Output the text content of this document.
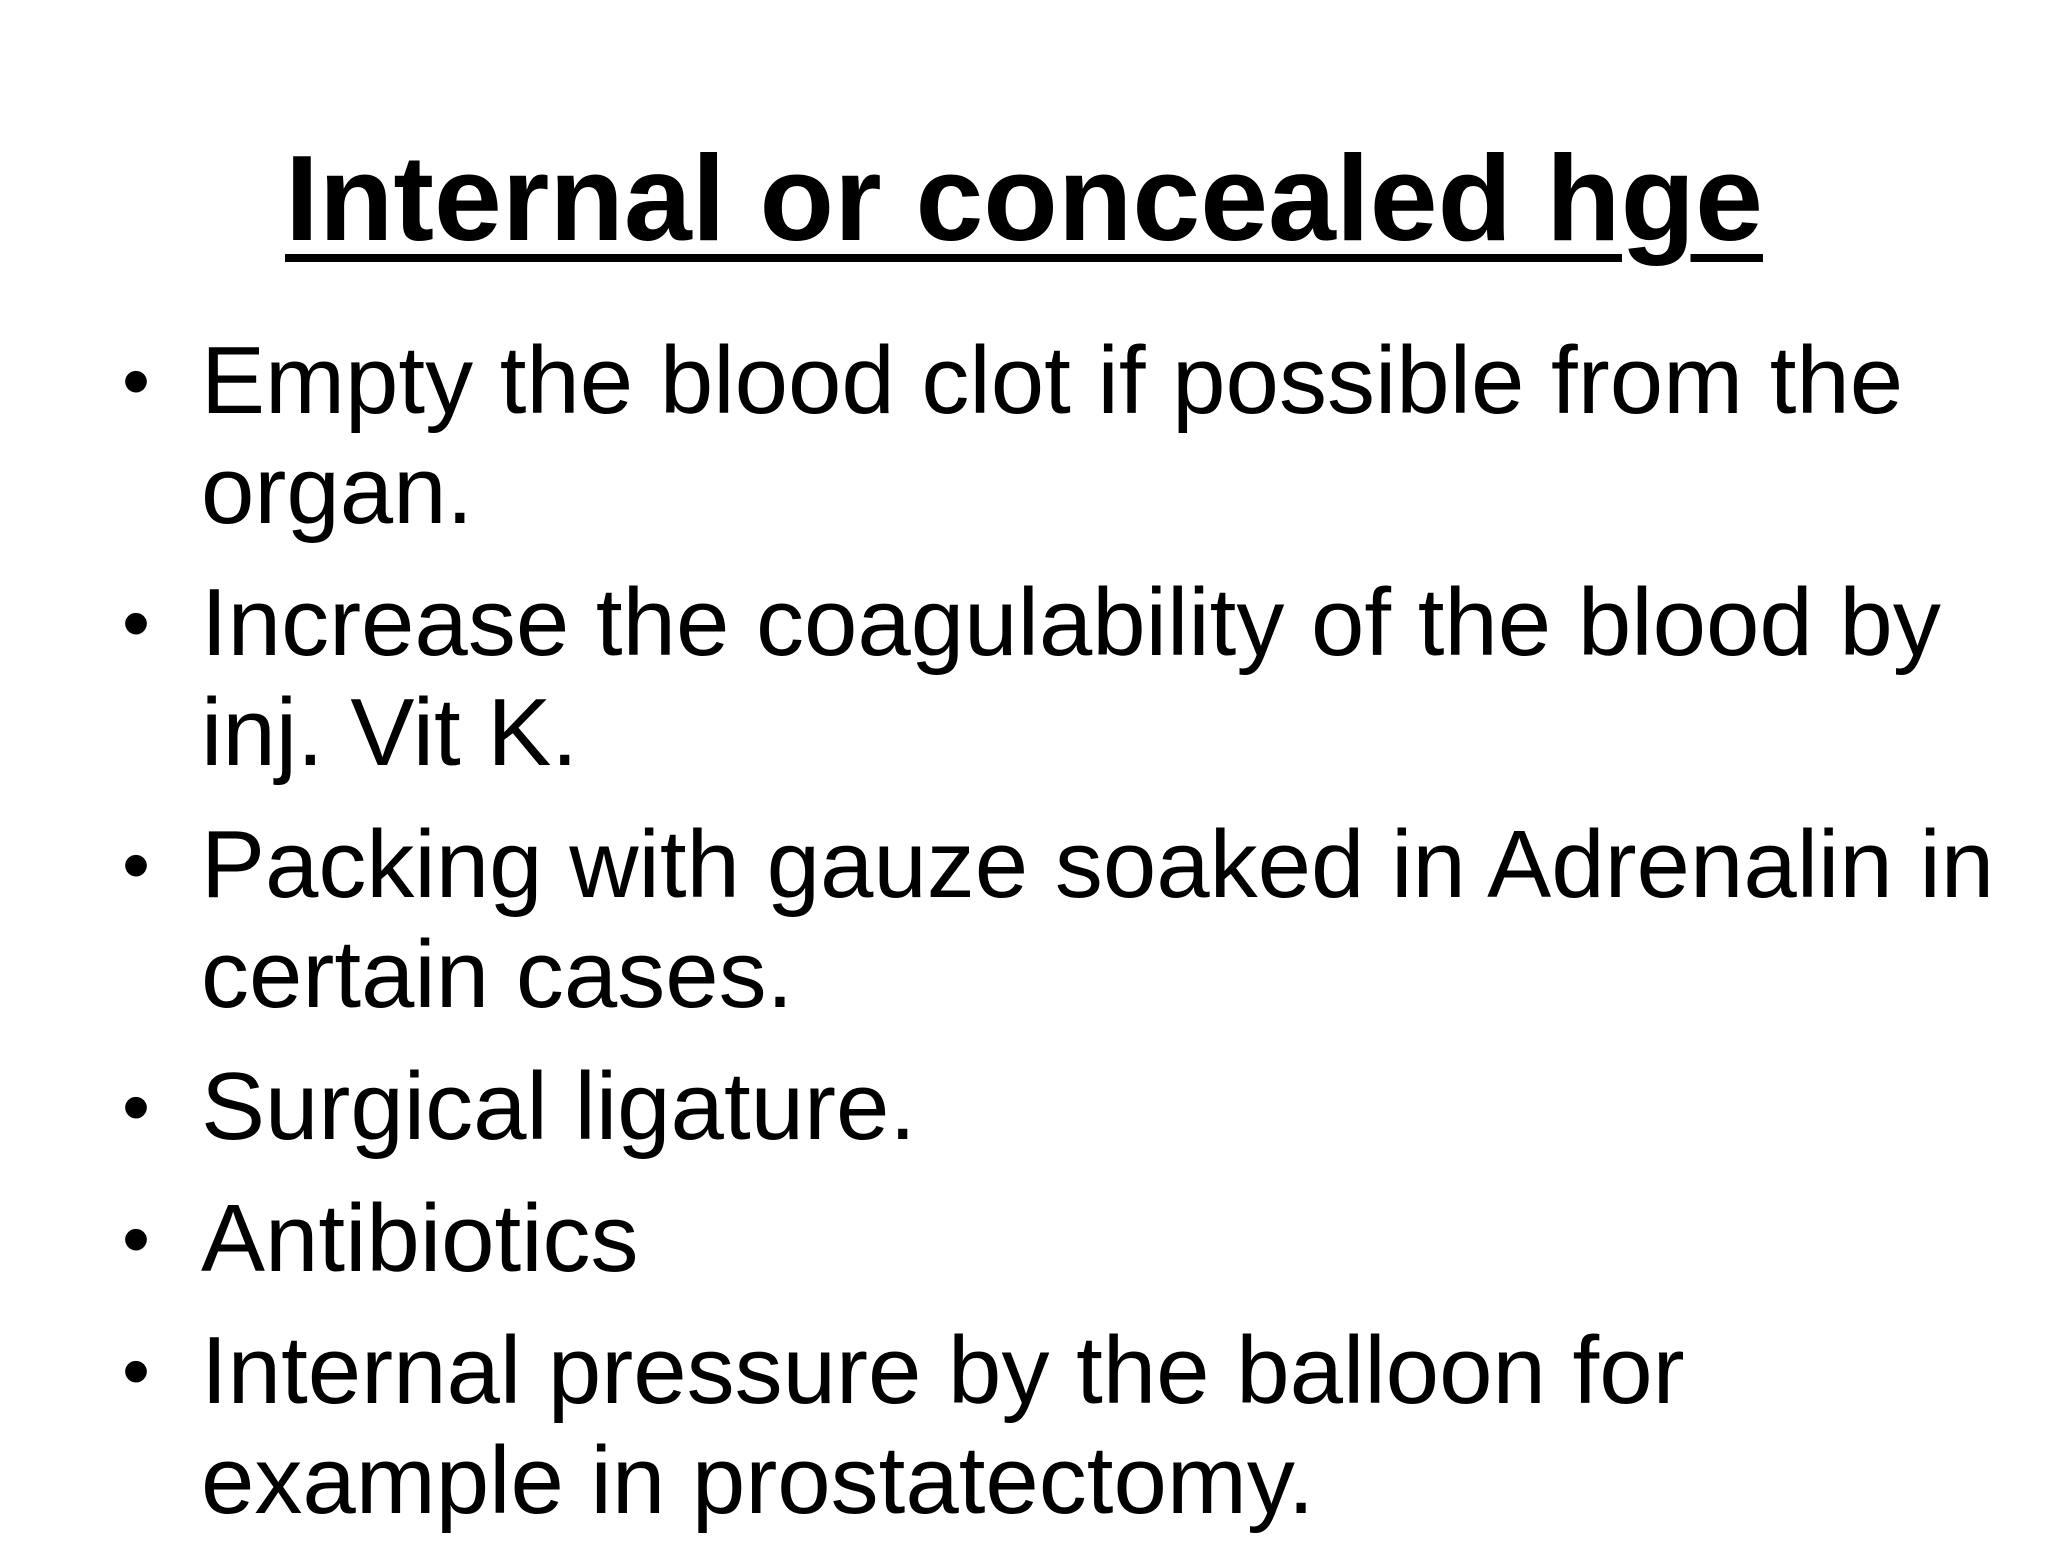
Internal or concealed hge
• Empty the blood clot if possible from the
organ.
• Increase the coagulability of the blood by
inj. Vit K.
• Packing with gauze soaked in Adrenalin in
certain cases.
• Surgical ligature.
• Antibiotics
• Internal pressure by the balloon for
example in prostatectomy.
